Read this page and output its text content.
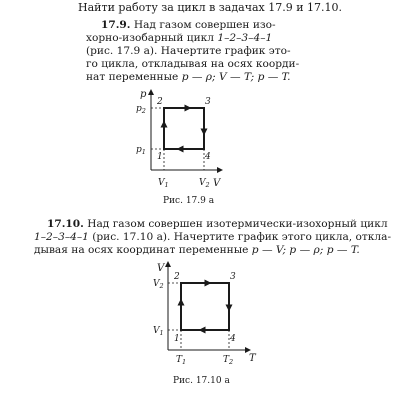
Найти работу за цикл в задачах 17.9 и 17.10.
17.9. Над газом совершен изо-
хорно-изобарный цикл 1–2–3–4–1
(рис. 17.9 а). Начертите график это-
го цикла, откладывая на осях коорди-
нат переменные p — ρ; V — T; p — T.
p
V
$p_2$
$p_1$
$V_1$	$V_2$
2	3
1	4
Рис. 17.9 а
17.10. Над газом совершен изотермически-изохорный цикл
1–2–3–4–1 (рис. 17.10 а). Начертите график этого цикла, откла-
дывая на осях координат переменные p — V; p — ρ; p — T.
V
T
$V_2$
$V_1$
$T_1$	$T_2$
2	3
1	4
Рис. 17.10 а
